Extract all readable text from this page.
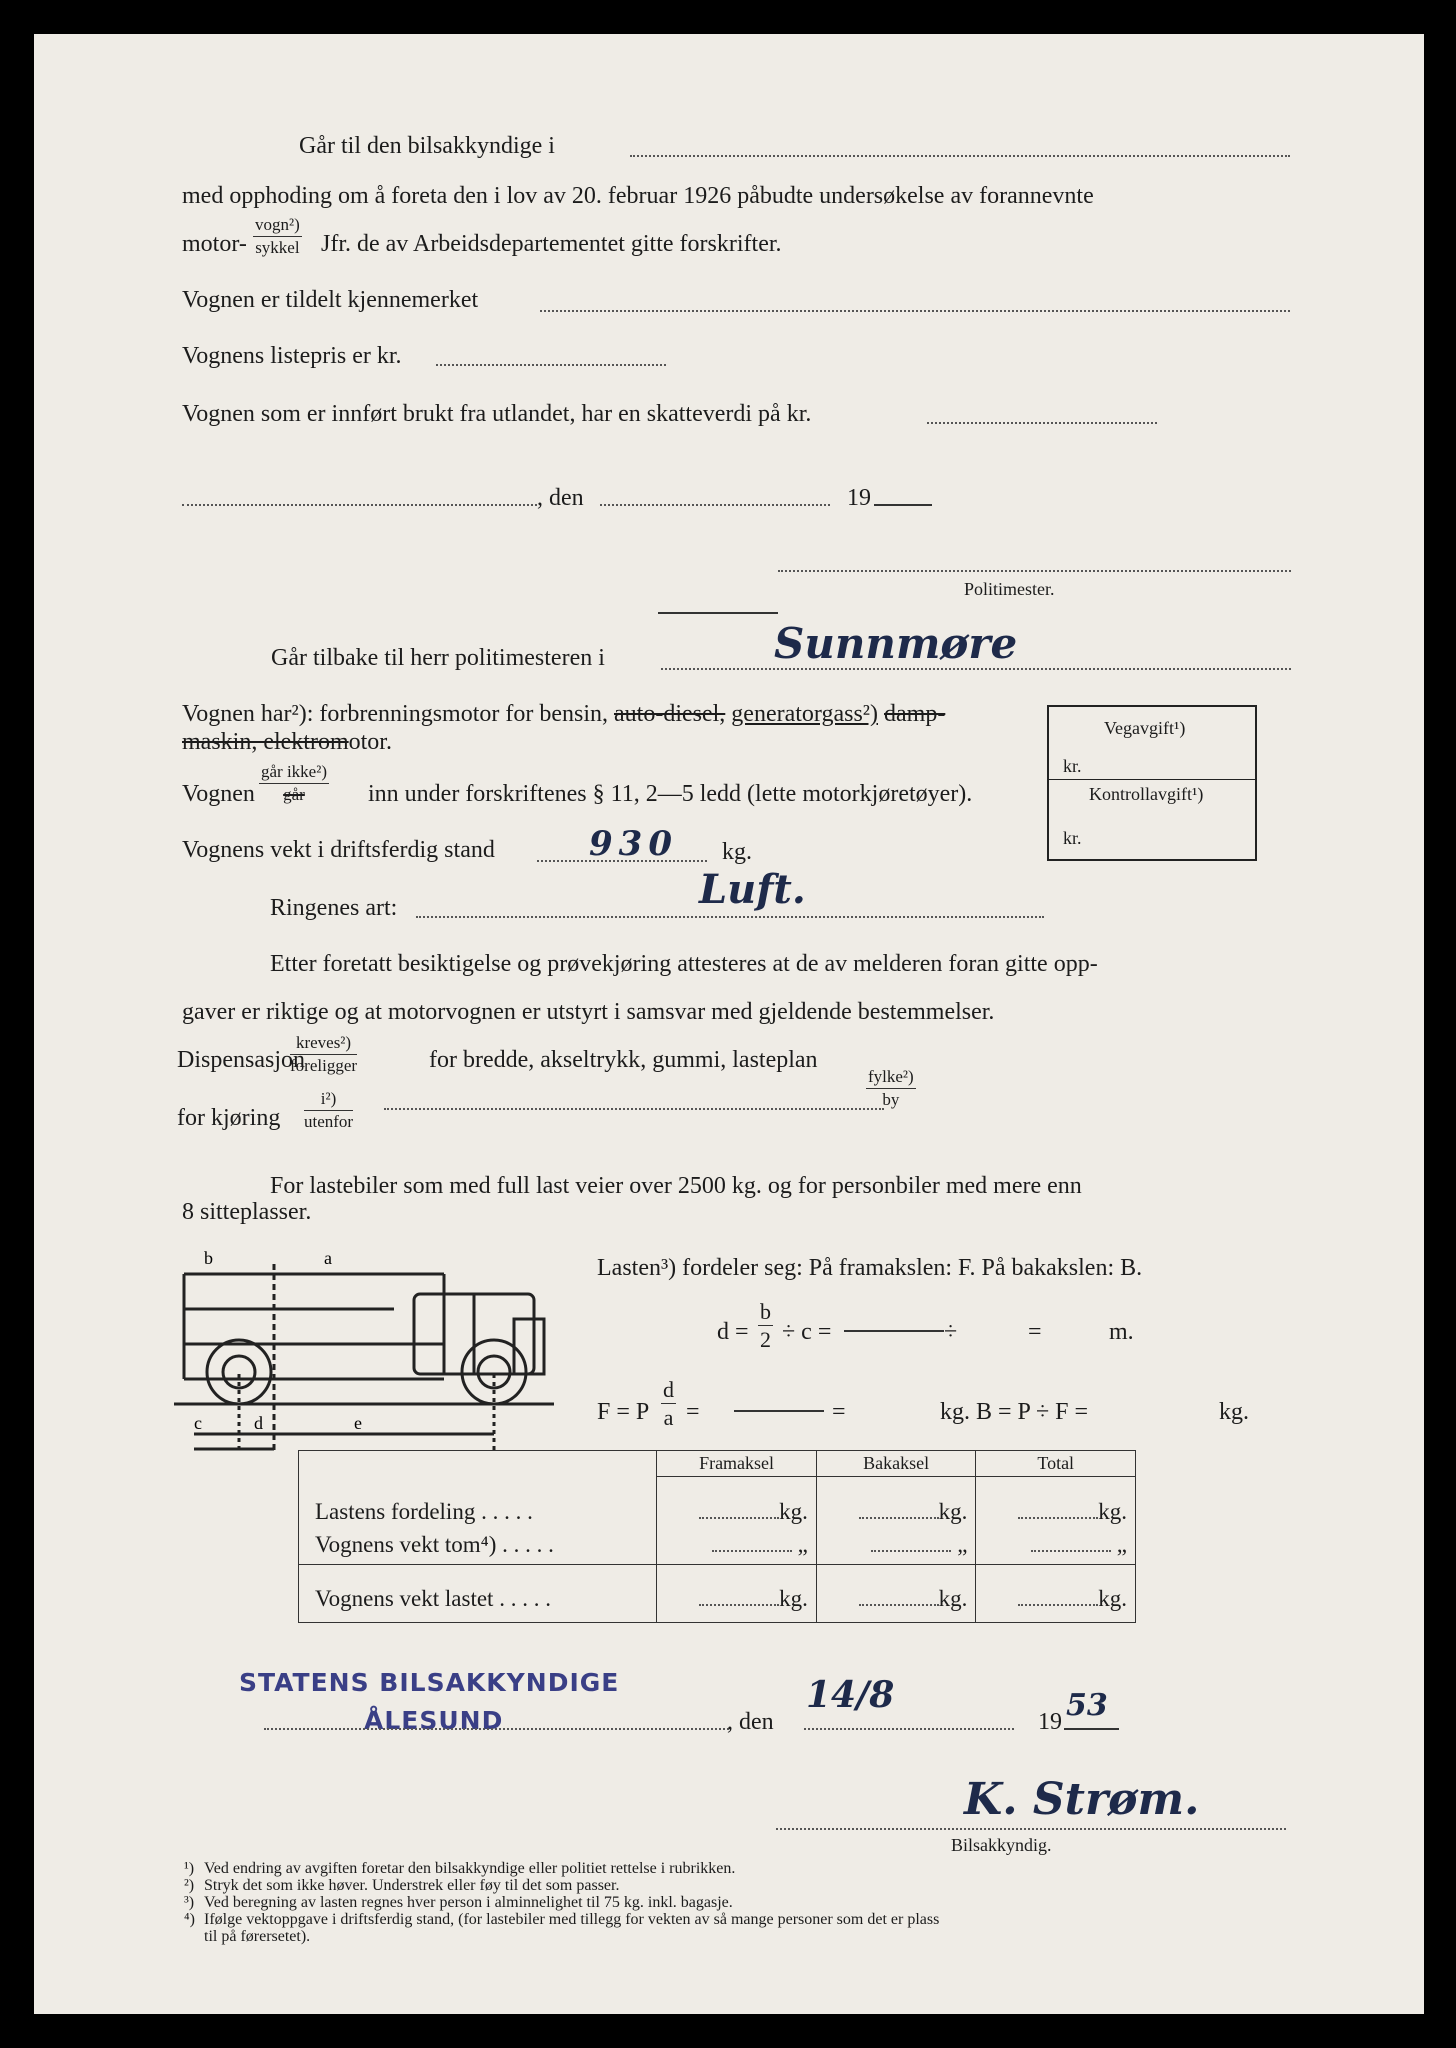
Går til den bilsakkyndige i
med opphoding om å foreta den i lov av 20. februar 1926 påbudte undersøkelse av forannevnte
motor-
vogn²)
sykkel Jfr. de av Arbeidsdepartementet gitte forskrifter.
Vognen er tildelt kjennemerket
Vognens listepris er kr.
Vognen som er innført brukt fra utlandet, har en skatteverdi på kr.
, den	19
Politimester.
Går tilbake til herr politimesteren i	Sunnmøre
Vognen har²): forbrenningsmotor for bensin, auto-diesel, generatorgass²) damp-
maskin, elektromotor.
Vognen
går ikke²)
går	inn under forskriftenes § 11, 2—5 ledd (lette motorkjøretøyer).
Vognens vekt i driftsferdig stand	930 kg.
Ringenes art:	Luft.
Vegavgift¹)
kr.
Kontrollavgift¹)
kr.
Etter foretatt besiktigelse og prøvekjøring attesteres at de av melderen foran gitte opp-
gaver er riktige og at motorvognen er utstyrt i samsvar med gjeldende bestemmelser.
Dispensasjon
kreves²)
foreligger	for bredde, akseltrykk, gummi, lasteplan
for kjøring
i²)
utenfor
fylke²)
by
For lastebiler som med full last veier over 2500 kg. og for personbiler med mere enn
8 sitteplasser.
b	a
c	d	e
Lasten³) fordeler seg: På framakslen: F. På bakakslen: B.
$d = \frac{b}{2} \div c$ =	÷	=	m.
F = P $\frac{d}{a}$ =	=	kg. B = P ÷ F =	kg.
	Framaksel	Bakaksel	Total
Lastens fordeling . . . . .	kg.	kg.	kg.
Vognens vekt tom⁴) . . . . .	„	„	„
Vognens vekt lastet . . . . .	kg.	kg.	kg.
STATENS BILSAKKYNDIGE
ÅLESUND	, den
14/8
19 53
K. Strøm.
Bilsakkyndig.
¹) Ved endring av avgiften foretar den bilsakkyndige eller politiet rettelse i rubrikken.
²) Stryk det som ikke høver. Understrek eller føy til det som passer.
³) Ved beregning av lasten regnes hver person i alminnelighet til 75 kg. inkl. bagasje.
⁴) Ifølge vektoppgave i driftsferdig stand, (for lastebiler med tillegg for vekten av så mange personer som det er plass
til på førersetet).
